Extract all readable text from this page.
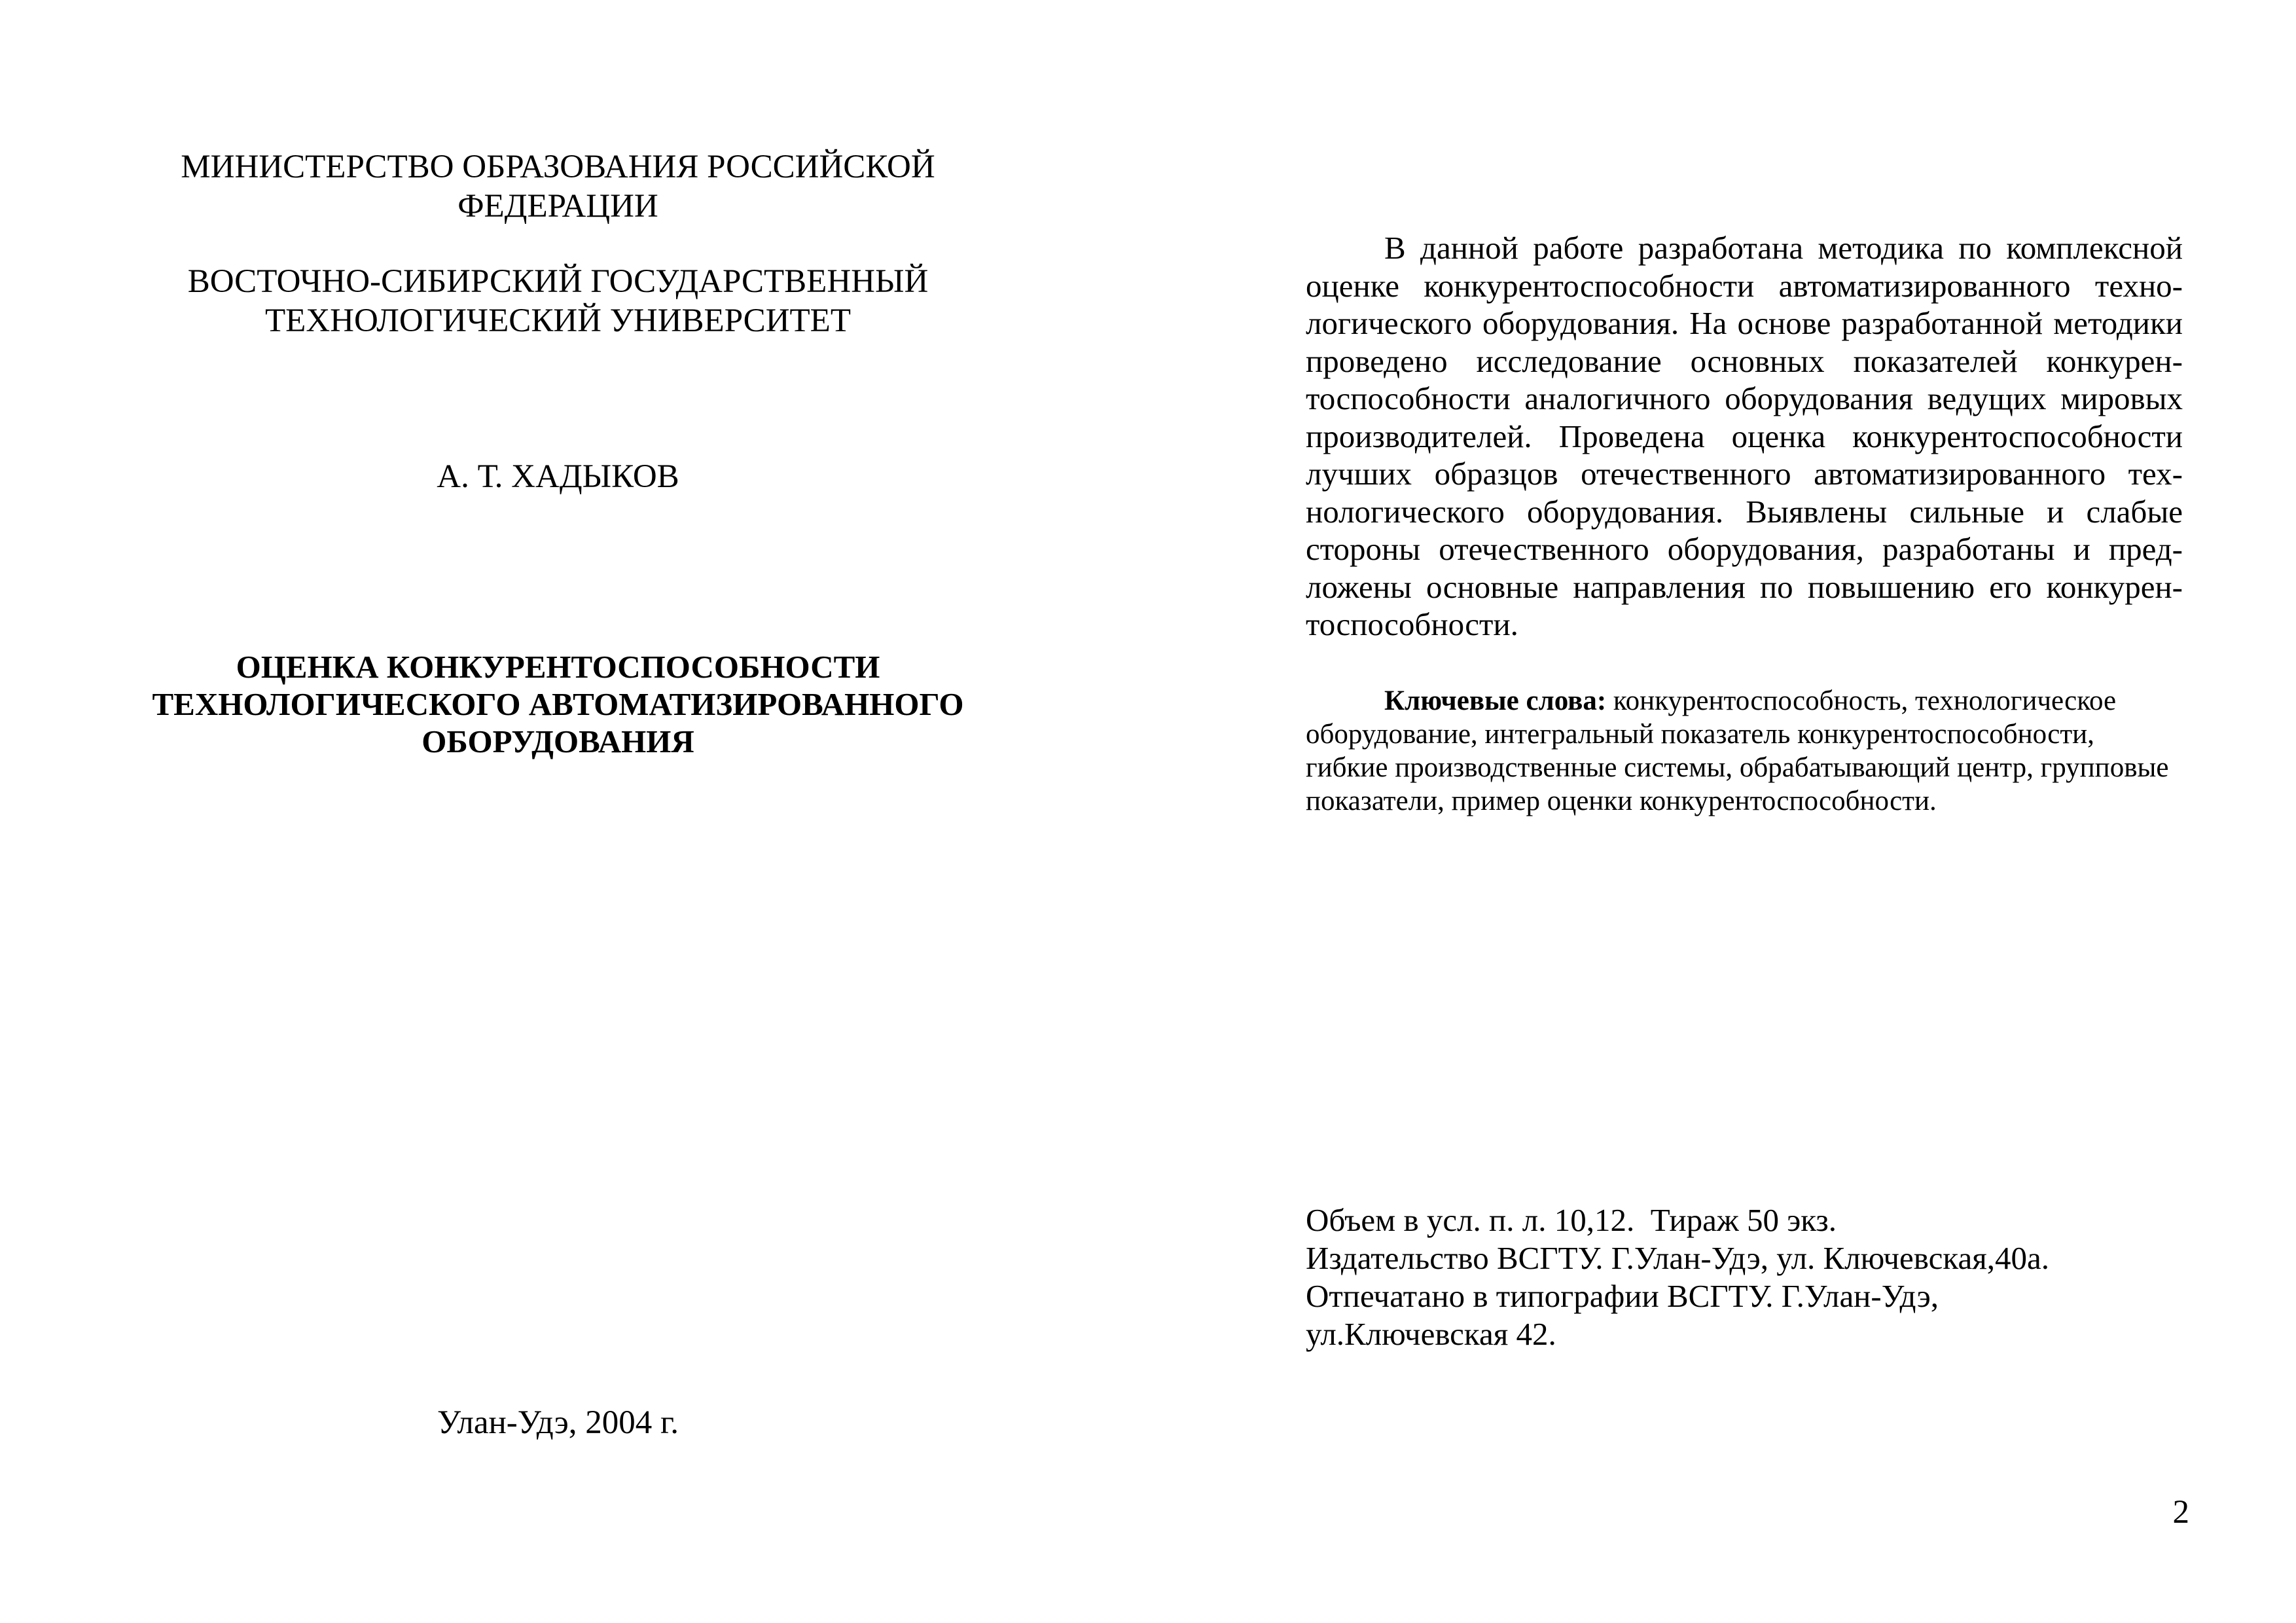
МИНИСТЕРСТВО ОБРАЗОВАНИЯ РОССИЙСКОЙ
ФЕДЕРАЦИИ
ВОСТОЧНО-СИБИРСКИЙ ГОСУДАРСТВЕННЫЙ
ТЕХНОЛОГИЧЕСКИЙ УНИВЕРСИТЕТ
А. Т. ХАДЫКОВ
ОЦЕНКА КОНКУРЕНТОСПОСОБНОСТИ
ТЕХНОЛОГИЧЕСКОГО АВТОМАТИЗИРОВАННОГО
ОБОРУДОВАНИЯ
Улан-Удэ, 2004 г.
В данной работе разработана методика по комплексной оценке конкурентоспособности автоматизированного технологического оборудования. На основе разработанной методики проведено исследование основных показателей конкурентоспособности аналогичного оборудования ведущих мировых производителей. Проведена оценка конкурентоспособности лучших образцов отечественного автоматизированного технологического оборудования. Выявлены сильные и слабые стороны отечественного оборудования, разработаны и предложены основные направления по повышению его конкурентоспособности.
Ключевые слова: конкурентоспособность, технологическое оборудование, интегральный показатель конкурентоспособности, гибкие производственные системы, обрабатывающий центр, групповые показатели, пример оценки конкурентоспособности.
Объем в усл. п. л. 10,12.  Тираж 50 экз.
Издательство ВСГТУ. Г.Улан-Удэ, ул. Ключевская,40а.
Отпечатано в типографии ВСГТУ. Г.Улан-Удэ,
ул.Ключевская 42.
2
